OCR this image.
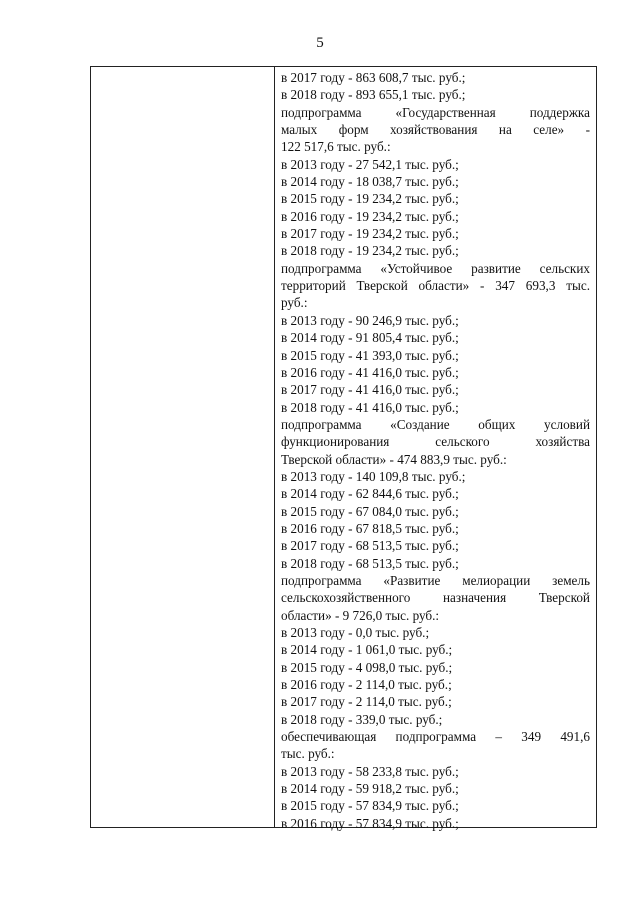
5
в 2017 году - 863 608,7 тыс. руб.;
в 2018 году - 893 655,1 тыс. руб.;
подпрограмма «Государственная поддержка
малых форм хозяйствования на селе» -
122 517,6 тыс. руб.:
в 2013 году - 27 542,1 тыс. руб.;
в 2014 году - 18 038,7 тыс. руб.;
в 2015 году - 19 234,2 тыс. руб.;
в 2016 году - 19 234,2 тыс. руб.;
в 2017 году - 19 234,2 тыс. руб.;
в 2018 году - 19 234,2 тыс. руб.;
подпрограмма «Устойчивое развитие сельских
территорий Тверской области» - 347 693,3 тыс.
руб.:
в 2013 году - 90 246,9 тыс. руб.;
в 2014 году - 91 805,4 тыс. руб.;
в 2015 году - 41 393,0 тыс. руб.;
в 2016 году - 41 416,0 тыс. руб.;
в 2017 году - 41 416,0 тыс. руб.;
в 2018 году - 41 416,0 тыс. руб.;
подпрограмма «Создание общих условий
функционирования сельского хозяйства
Тверской области» - 474 883,9 тыс. руб.:
в 2013 году - 140 109,8 тыс. руб.;
в 2014 году - 62 844,6 тыс. руб.;
в 2015 году - 67 084,0 тыс. руб.;
в 2016 году - 67 818,5 тыс. руб.;
в 2017 году - 68 513,5 тыс. руб.;
в 2018 году - 68 513,5 тыс. руб.;
подпрограмма «Развитие мелиорации земель
сельскохозяйственного назначения Тверской
области» - 9 726,0 тыс. руб.:
в 2013 году - 0,0 тыс. руб.;
в 2014 году - 1 061,0 тыс. руб.;
в 2015 году - 4 098,0 тыс. руб.;
в 2016 году - 2 114,0 тыс. руб.;
в 2017 году - 2 114,0 тыс. руб.;
в 2018 году - 339,0 тыс. руб.;
обеспечивающая подпрограмма – 349 491,6
тыс. руб.:
в 2013 году - 58 233,8 тыс. руб.;
в 2014 году - 59 918,2 тыс. руб.;
в 2015 году - 57 834,9 тыс. руб.;
в 2016 году - 57 834,9 тыс. руб.;
